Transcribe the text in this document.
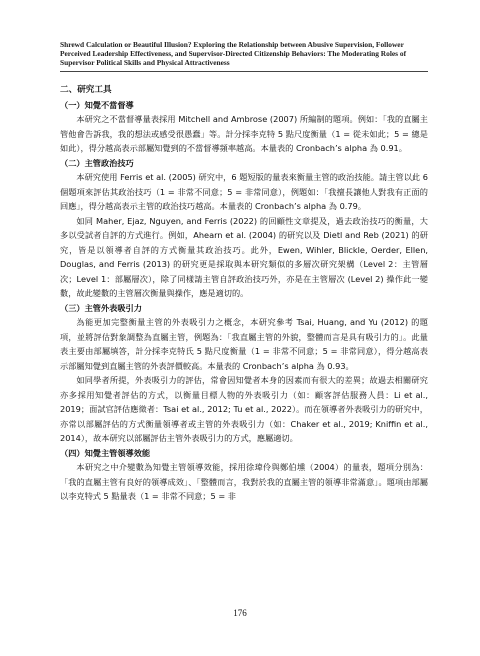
Shrewd Calculation or Beautiful Illusion? Exploring the Relationship between Abusive Supervision, Follower Perceived Leadership Effectiveness, and Supervisor-Directed Citizenship Behaviors: The Moderating Roles of Supervisor Political Skills and Physical Attractiveness

二、研究工具

（一）知覺不當督導

本研究之不當督導量表採用 Mitchell and Ambrose (2007) 所編制的題項。例如：「我的直屬主管他會告訴我，我的想法或感受很愚蠢」等。計分採李克特 5 點尺度衡量（1 = 從未如此；5 = 總是如此），得分越高表示部屬知覺到的不當督導頻率越高。本量表的 Cronbach’s alpha 為 0.91。

（二）主管政治技巧

本研究使用 Ferris et al. (2005) 研究中，6 題短版的量表來衡量主管的政治技能。請主管以此 6 個題項來評估其政治技巧（1 = 非常不同意；5 = 非常同意），例題如：「我擅長讓他人對我有正面的回應」，得分越高表示主管的政治技巧越高。本量表的 Cronbach’s alpha 為 0.79。

如同 Maher, Ejaz, Nguyen, and Ferris (2022) 的回顧性文章提及，過去政治技巧的衡量，大多以受試者自評的方式進行。例如，Ahearn et al. (2004) 的研究以及 Dietl and Reb (2021) 的研究，皆是以領導者自評的方式衡量其政治技巧。此外，Ewen, Wihler, Blickle, Oerder, Ellen, Douglas, and Ferris (2013) 的研究更是採取與本研究類似的多層次研究架構（Level 2：主管層次；Level 1：部屬層次），除了同樣請主管自評政治技巧外，亦是在主管層次 (Level 2) 操作此一變數，故此變數的主管層次衡量與操作，應是適切的。

（三）主管外表吸引力

為能更加完整衡量主管的外表吸引力之概念，本研究參考 Tsai, Huang, and Yu (2012) 的題項，並將評估對象調整為直屬主管，例題為：「我直屬主管的外貌，整體而言是具有吸引力的」。此量表主要由部屬填答，計分採李克特氏 5 點尺度衡量（1 = 非常不同意；5 = 非常同意），得分越高表示部屬知覺到直屬主管的外表評價較高。本量表的 Cronbach’s alpha 為 0.93。

如同學者所提，外表吸引力的評估，常會因知覺者本身的因素而有很大的差異；故過去相關研究亦多採用知覺者評估的方式，以衡量目標人物的外表吸引力（如：顧客評估服務人員：Li et al., 2019；面試官評估應徵者：Tsai et al., 2012; Tu et al., 2022）。而在領導者外表吸引力的研究中，亦常以部屬評估的方式衡量領導者或主管的外表吸引力（如：Chaker et al., 2019; Kniffin et al., 2014），故本研究以部屬評估主管外表吸引力的方式，應屬適切。

（四）知覺主管領導效能

本研究之中介變數為知覺主管領導效能，採用徐瑋伶與鄭伯壎（2004）的量表，題項分別為：「我的直屬主管有良好的領導成效」、「整體而言，我對於我的直屬主管的領導非常滿意」。題項由部屬以李克特式 5 點量表（1 = 非常不同意；5 = 非

176
